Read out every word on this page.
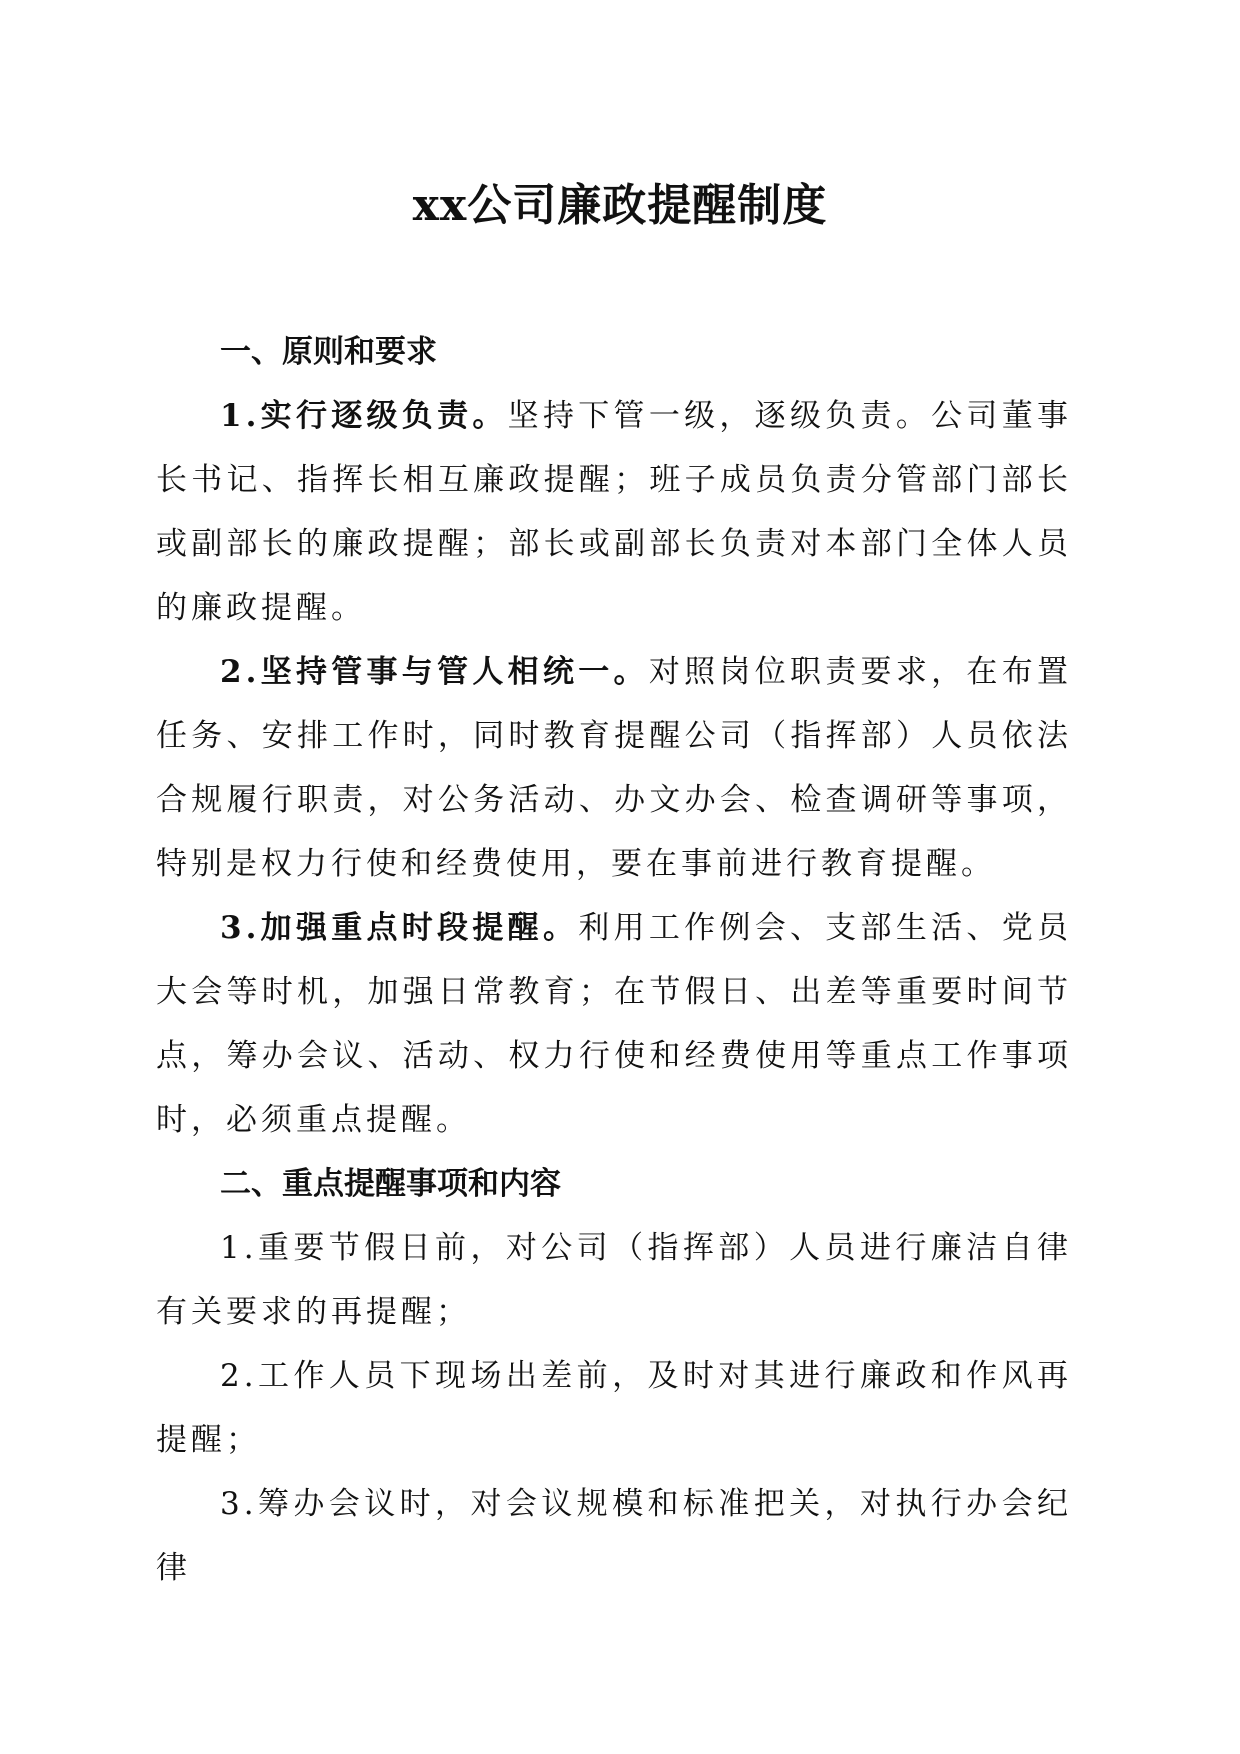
xx公司廉政提醒制度
一、原则和要求

1.实行逐级负责。坚持下管一级，逐级负责。公司董事长书记、指挥长相互廉政提醒；班子成员负责分管部门部长或副部长的廉政提醒；部长或副部长负责对本部门全体人员的廉政提醒。

2.坚持管事与管人相统一。对照岗位职责要求，在布置任务、安排工作时，同时教育提醒公司（指挥部）人员依法合规履行职责，对公务活动、办文办会、检查调研等事项，特别是权力行使和经费使用，要在事前进行教育提醒。

3.加强重点时段提醒。利用工作例会、支部生活、党员大会等时机，加强日常教育；在节假日、出差等重要时间节点，筹办会议、活动、权力行使和经费使用等重点工作事项时，必须重点提醒。

二、重点提醒事项和内容

1.重要节假日前，对公司（指挥部）人员进行廉洁自律有关要求的再提醒；

2.工作人员下现场出差前，及时对其进行廉政和作风再提醒；

3.筹办会议时，对会议规模和标准把关，对执行办会纪律
